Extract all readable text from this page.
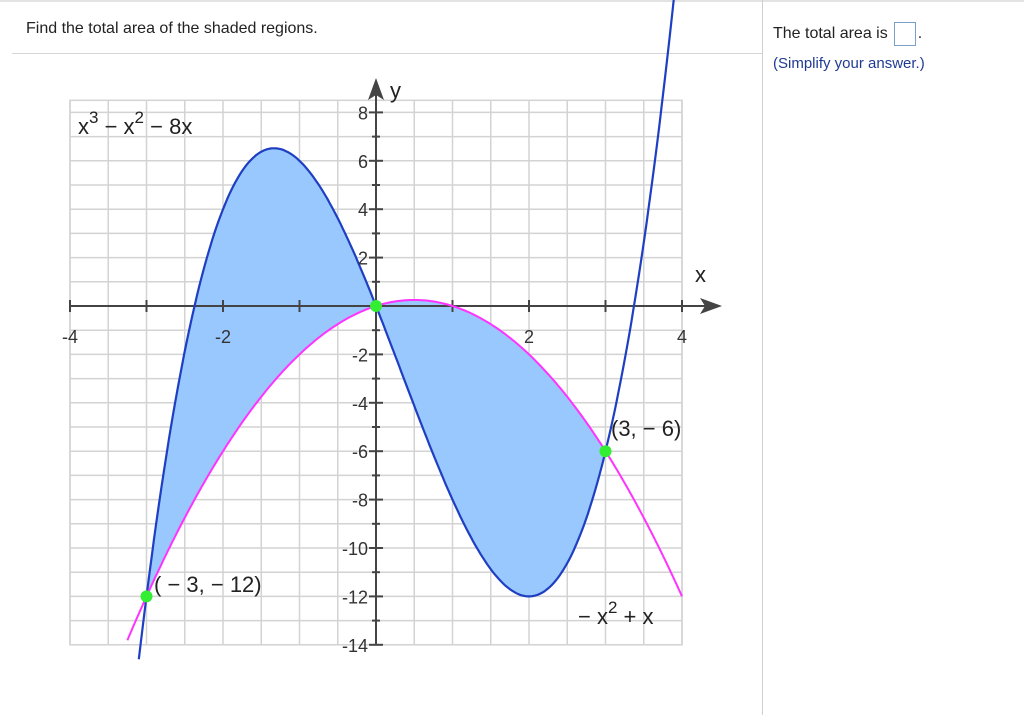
Find the total area of the shaded regions.
-4	-2	2	4
8
6
4
2
-2
-4
-6
-8
-10
-12
-14
$x^3 - x^2 - 8x$
− $x^2 + x$
( − 3, − 12)
(3, − 6)
y
x
The total area is .
(Simplify your answer.)
